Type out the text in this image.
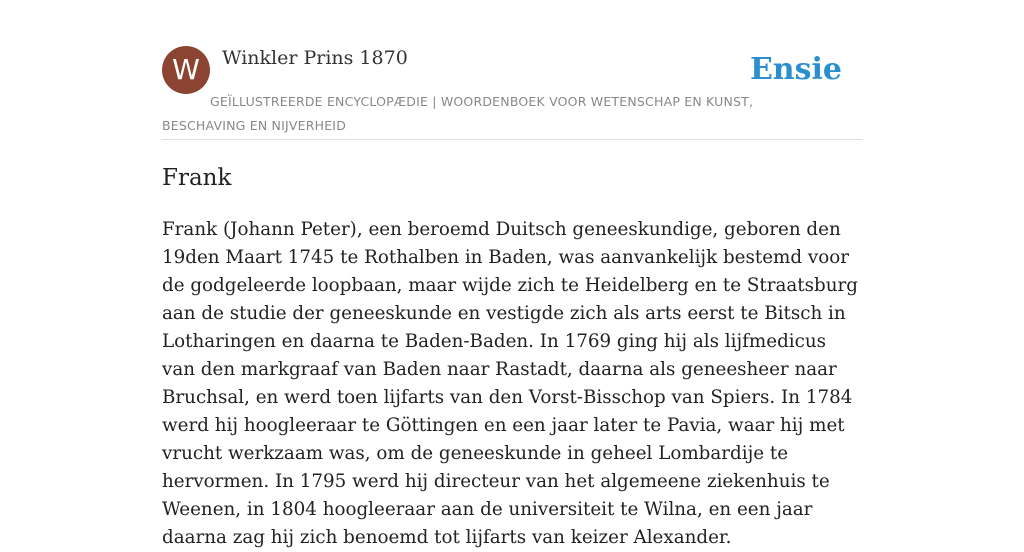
W	Winkler Prins 1870	Ensie
GEÏLLUSTREERDE ENCYCLOPÆDIE | WOORDENBOEK VOOR WETENSCHAP EN KUNST, BESCHAVING EN NIJVERHEID
Frank

Frank (Johann Peter), een beroemd Duitsch geneeskundige, geboren den 19den Maart 1745 te Rothalben in Baden, was aanvankelijk bestemd voor de godgeleerde loopbaan, maar wijde zich te Heidelberg en te Straatsburg aan de studie der geneeskunde en vestigde zich als arts eerst te Bitsch in Lotharingen en daarna te Baden-Baden. In 1769 ging hij als lijfmedicus van den markgraaf van Baden naar Rastadt, daarna als geneesheer naar Bruchsal, en werd toen lijfarts van den Vorst-Bisschop van Spiers. In 1784 werd hij hoogleeraar te Göttingen en een jaar later te Pavia, waar hij met vrucht werkzaam was, om de geneeskunde in geheel Lombardije te hervormen. In 1795 werd hij directeur van het algemeene ziekenhuis te Weenen, in 1804 hoogleeraar aan de universiteit te Wilna, en een jaar daarna zag hij zich benoemd tot lijfarts van keizer Alexander.
